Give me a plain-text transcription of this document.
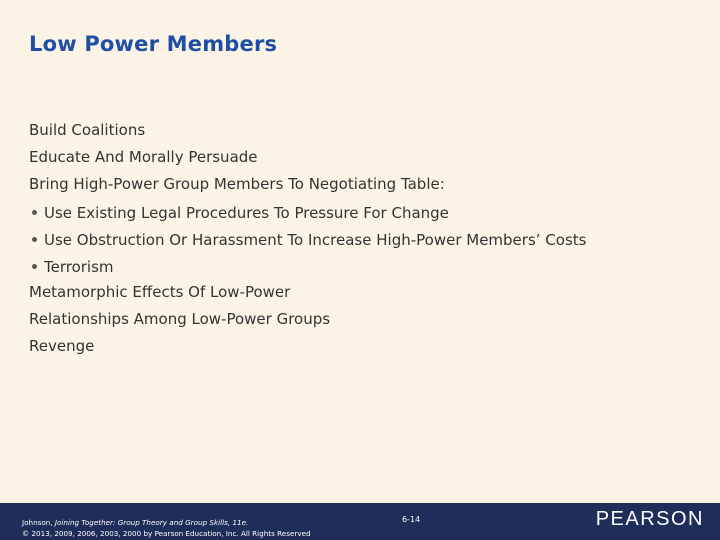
Low Power Members
Build Coalitions
Educate And Morally Persuade
Bring High-Power Group Members To Negotiating Table:
Use Existing Legal Procedures To Pressure For Change
Use Obstruction Or Harassment To Increase High-Power Members’ Costs
Terrorism
Metamorphic Effects Of Low-Power
Relationships Among Low-Power Groups
Revenge
Johnson, Joining Together: Group Theory and Group Skills, 11e.
© 2013, 2009, 2006, 2003, 2000 by Pearson Education, Inc. All Rights Reserved
6-14	PEARSON
